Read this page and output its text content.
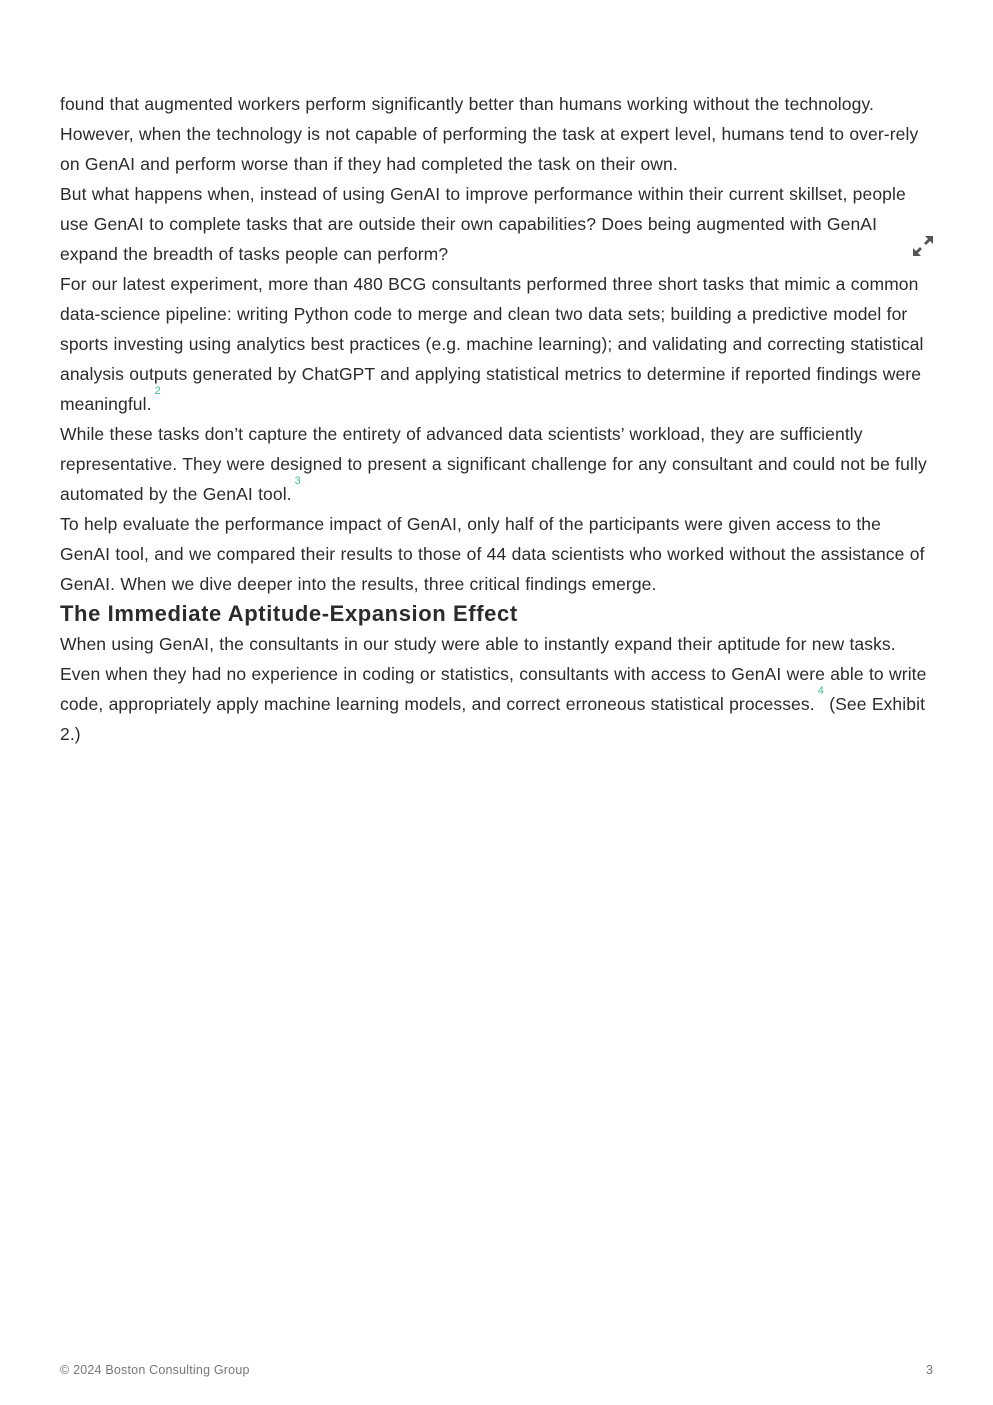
found that augmented workers perform significantly better than humans working without the technology. However, when the technology is not capable of performing the task at expert level, humans tend to over-rely on GenAI and perform worse than if they had completed the task on their own.

But what happens when, instead of using GenAI to improve performance within their current skillset, people use GenAI to complete tasks that are outside their own capabilities? Does being augmented with GenAI expand the breadth of tasks people can perform?

For our latest experiment, more than 480 BCG consultants performed three short tasks that mimic a common data-science pipeline: writing Python code to merge and clean two data sets; building a predictive model for sports investing using analytics best practices (e.g. machine learning); and validating and correcting statistical analysis outputs generated by ChatGPT and applying statistical metrics to determine if reported findings were meaningful.$^2$

While these tasks don’t capture the entirety of advanced data scientists’ workload, they are sufficiently representative. They were designed to present a significant challenge for any consultant and could not be fully automated by the GenAI tool.$^3$

To help evaluate the performance impact of GenAI, only half of the participants were given access to the GenAI tool, and we compared their results to those of 44 data scientists who worked without the assistance of GenAI. When we dive deeper into the results, three critical findings emerge.

The Immediate Aptitude-Expansion Effect

When using GenAI, the consultants in our study were able to instantly expand their aptitude for new tasks. Even when they had no experience in coding or statistics, consultants with access to GenAI were able to write code, appropriately apply machine learning models, and correct erroneous statistical processes.$^4$ (See Exhibit 2.)

© 2024 Boston Consulting Group	3
